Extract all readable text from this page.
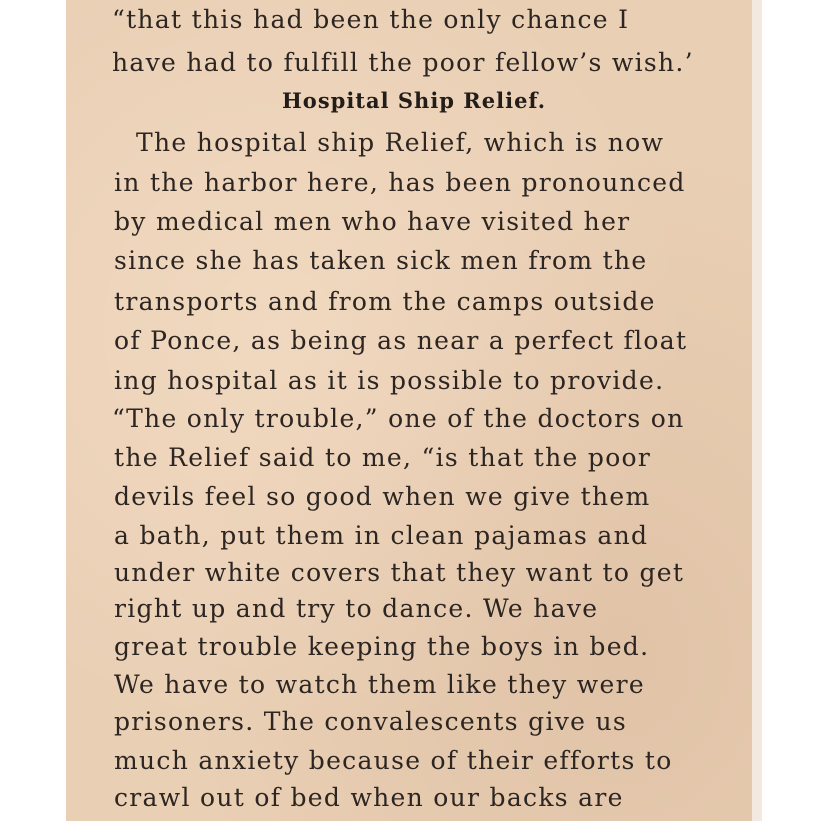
“that this had been the only chance I
have had to fulfill the poor fellow’s wish.’
Hospital Ship Relief.
The hospital ship Relief, which is now
in the harbor here, has been pronounced
by medical men who have visited her
since she has taken sick men from the
transports and from the camps outside
of Ponce, as being as near a perfect float
ing hospital as it is possible to provide.
“The only trouble,” one of the doctors on
the Relief said to me, “is that the poor
devils feel so good when we give them
a bath, put them in clean pajamas and
under white covers that they want to get
right up and try to dance. We have
great trouble keeping the boys in bed.
We have to watch them like they were
prisoners. The convalescents give us
much anxiety because of their efforts to
crawl out of bed when our backs are
